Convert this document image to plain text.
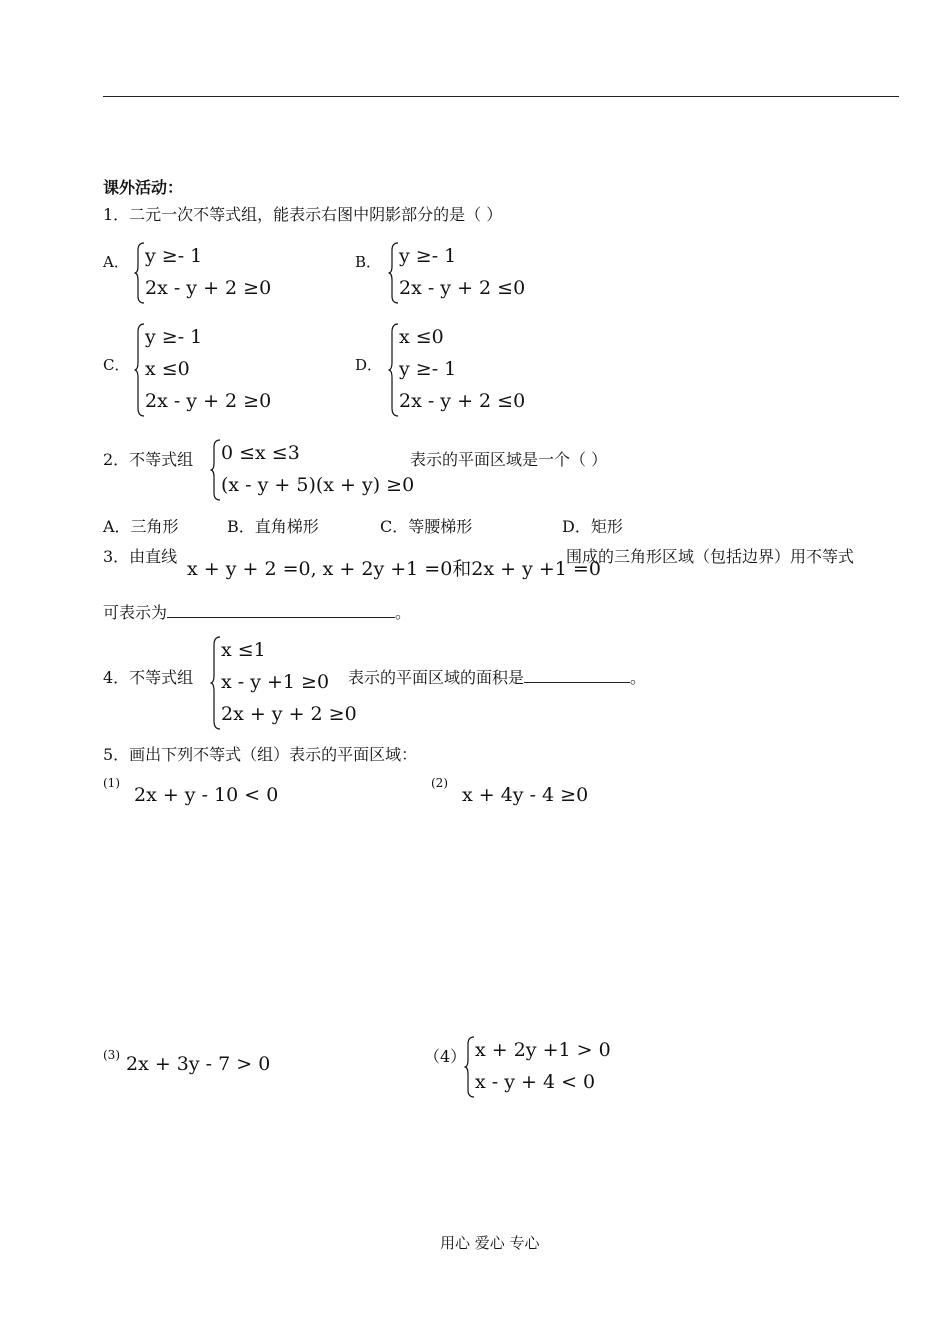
课外活动：
1．二元一次不等式组，能表示右图中阴影部分的是（ ）
A． y ≥- 1
2x - y + 2 ≥0
B． y ≥- 1
2x - y + 2 ≤0
C．
y ≥- 1
x ≤0
2x - y + 2 ≥0
D．
x ≤0
y ≥- 1
2x - y + 2 ≤0
2．不等式组 0 ≤x ≤3
(x - y + 5)(x + y) ≥0
表示的平面区域是一个（ ）
A．三角形	B．直角梯形	C．等腰梯形	D．矩形
3．由直线
x + y + 2 =0, x + 2y +1 =0和2x + y +1 =0
围成的三角形区域（包括边界）用不等式
可表示为	。
4．不等式组
x ≤1
x - y +1 ≥0
2x + y + 2 ≥0
表示的平面区域的面积是	。
5．画出下列不等式（组）表示的平面区域：
(1)
2x + y - 10 < 0
(2)
x + 4y - 4 ≥0
(3) 2x + 3y - 7 > 0	（4） x + 2y +1 > 0
x - y + 4 < 0
用心 爱心 专心
